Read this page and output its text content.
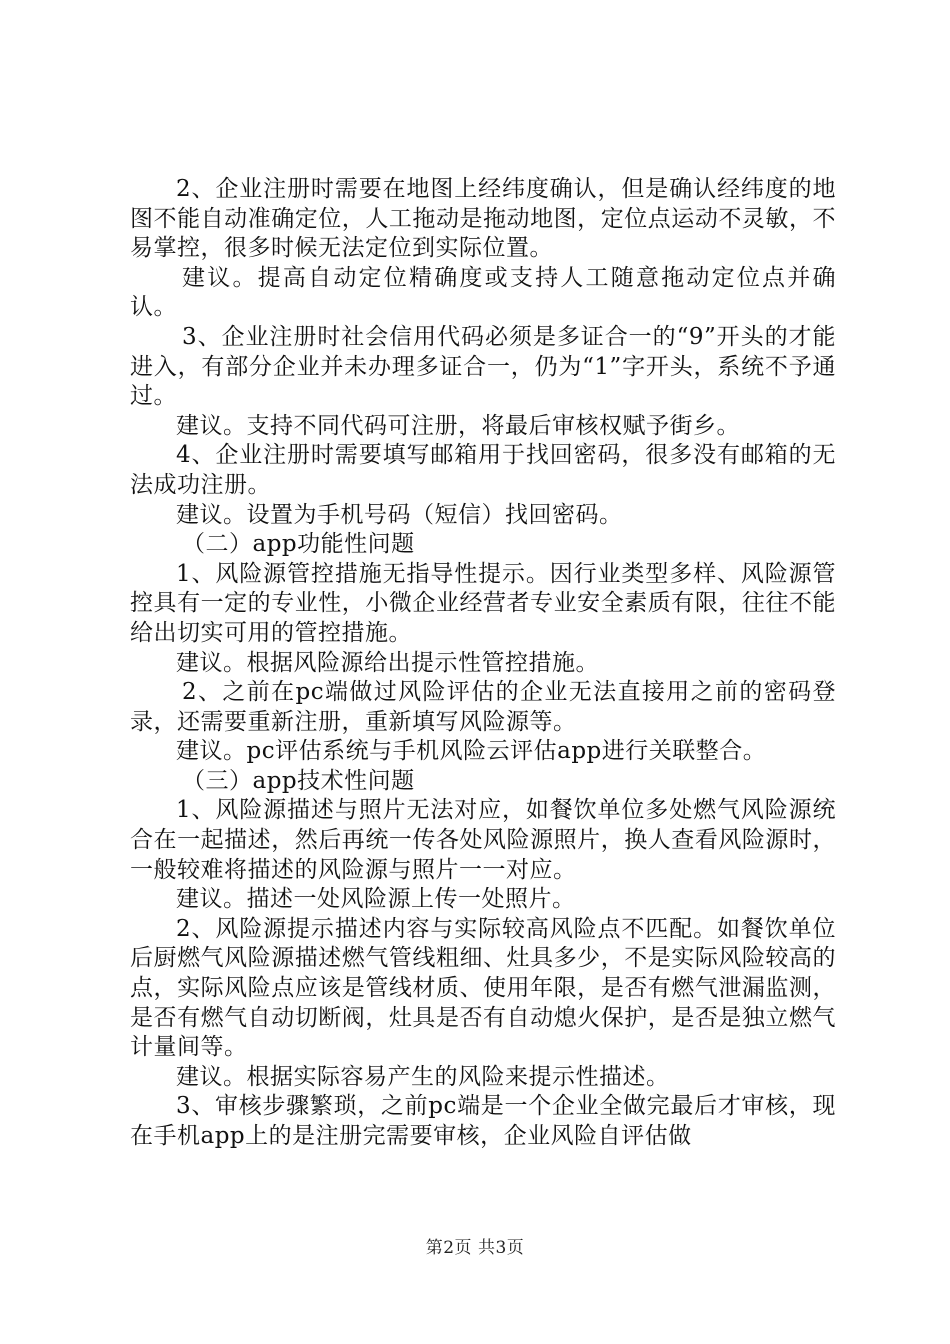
2、企业注册时需要在地图上经纬度确认，但是确认经纬度的地图不能自动准确定位，人工拖动是拖动地图，定位点运动不灵敏，不易掌控，很多时候无法定位到实际位置。

建议。提高自动定位精确度或支持人工随意拖动定位点并确认。

3、企业注册时社会信用代码必须是多证合一的“9”开头的才能进入，有部分企业并未办理多证合一，仍为“1”字开头，系统不予通过。

建议。支持不同代码可注册，将最后审核权赋予街乡。

4、企业注册时需要填写邮箱用于找回密码，很多没有邮箱的无法成功注册。

建议。设置为手机号码（短信）找回密码。

（二）app功能性问题

1、风险源管控措施无指导性提示。因行业类型多样、风险源管控具有一定的专业性，小微企业经营者专业安全素质有限，往往不能给出切实可用的管控措施。

建议。根据风险源给出提示性管控措施。

2、之前在pc端做过风险评估的企业无法直接用之前的密码登录，还需要重新注册，重新填写风险源等。

建议。pc评估系统与手机风险云评估app进行关联整合。

（三）app技术性问题

1、风险源描述与照片无法对应，如餐饮单位多处燃气风险源统合在一起描述，然后再统一传各处风险源照片，换人查看风险源时，一般较难将描述的风险源与照片一一对应。

建议。描述一处风险源上传一处照片。

2、风险源提示描述内容与实际较高风险点不匹配。如餐饮单位后厨燃气风险源描述燃气管线粗细、灶具多少，不是实际风险较高的点，实际风险点应该是管线材质、使用年限，是否有燃气泄漏监测，是否有燃气自动切断阀，灶具是否有自动熄火保护，是否是独立燃气计量间等。

建议。根据实际容易产生的风险来提示性描述。

3、审核步骤繁琐，之前pc端是一个企业全做完最后才审核，现在手机app上的是注册完需要审核，企业风险自评估做

第2页 共3页
